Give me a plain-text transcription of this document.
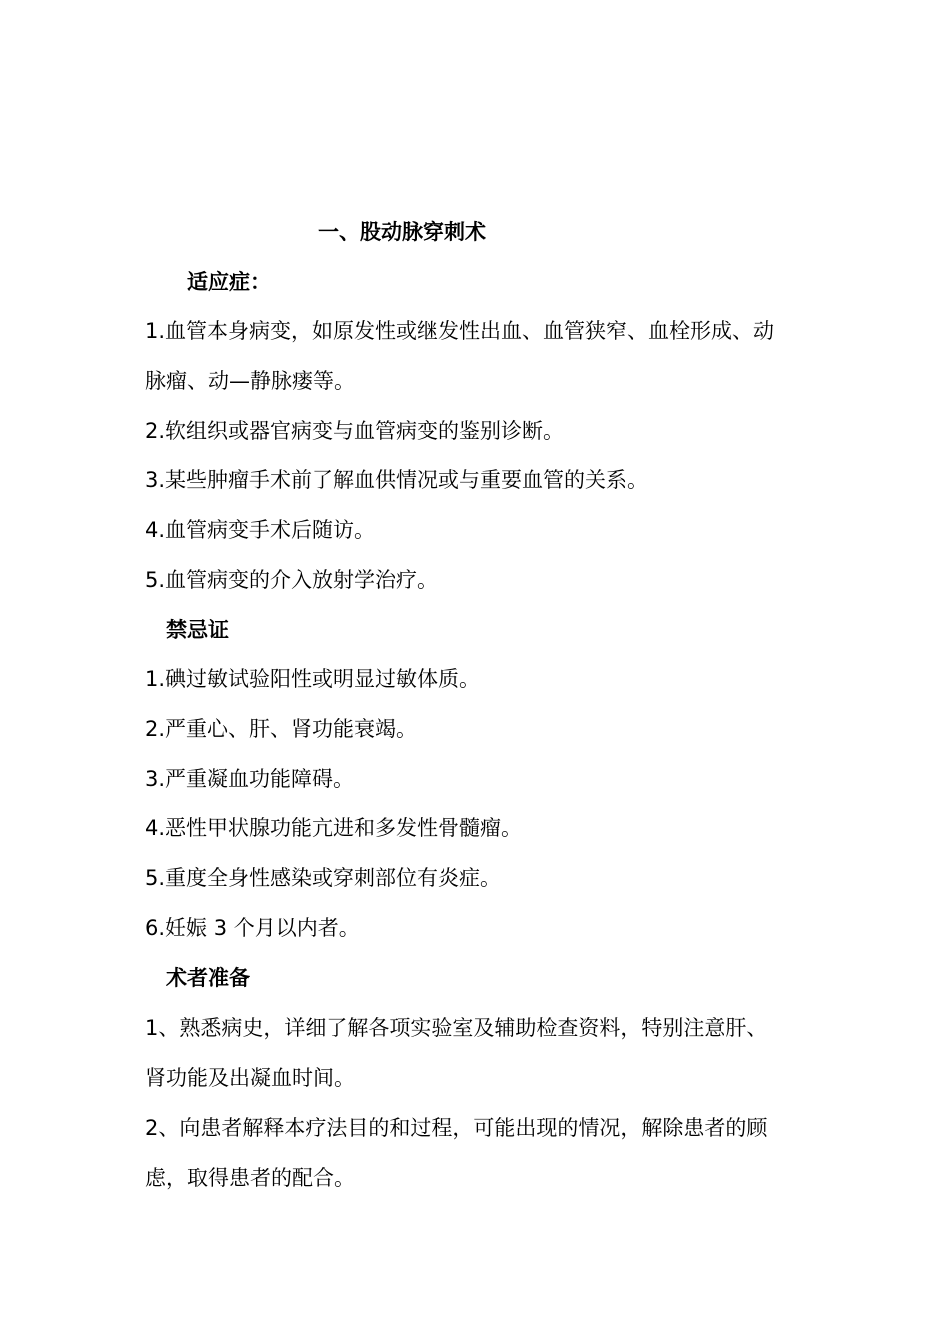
一、股动脉穿刺术
适应症：
1.血管本身病变，如原发性或继发性出血、血管狭窄、血栓形成、动
脉瘤、动—静脉瘘等。
2.软组织或器官病变与血管病变的鉴别诊断。
3.某些肿瘤手术前了解血供情况或与重要血管的关系。
4.血管病变手术后随访。
5.血管病变的介入放射学治疗。
禁忌证
1.碘过敏试验阳性或明显过敏体质。
2.严重心、肝、肾功能衰竭。
3.严重凝血功能障碍。
4.恶性甲状腺功能亢进和多发性骨髓瘤。
5.重度全身性感染或穿刺部位有炎症。
6.妊娠 3 个月以内者。
术者准备
1、熟悉病史，详细了解各项实验室及辅助检查资料，特别注意肝、
肾功能及出凝血时间。
2、向患者解释本疗法目的和过程，可能出现的情况，解除患者的顾
虑，取得患者的配合。
